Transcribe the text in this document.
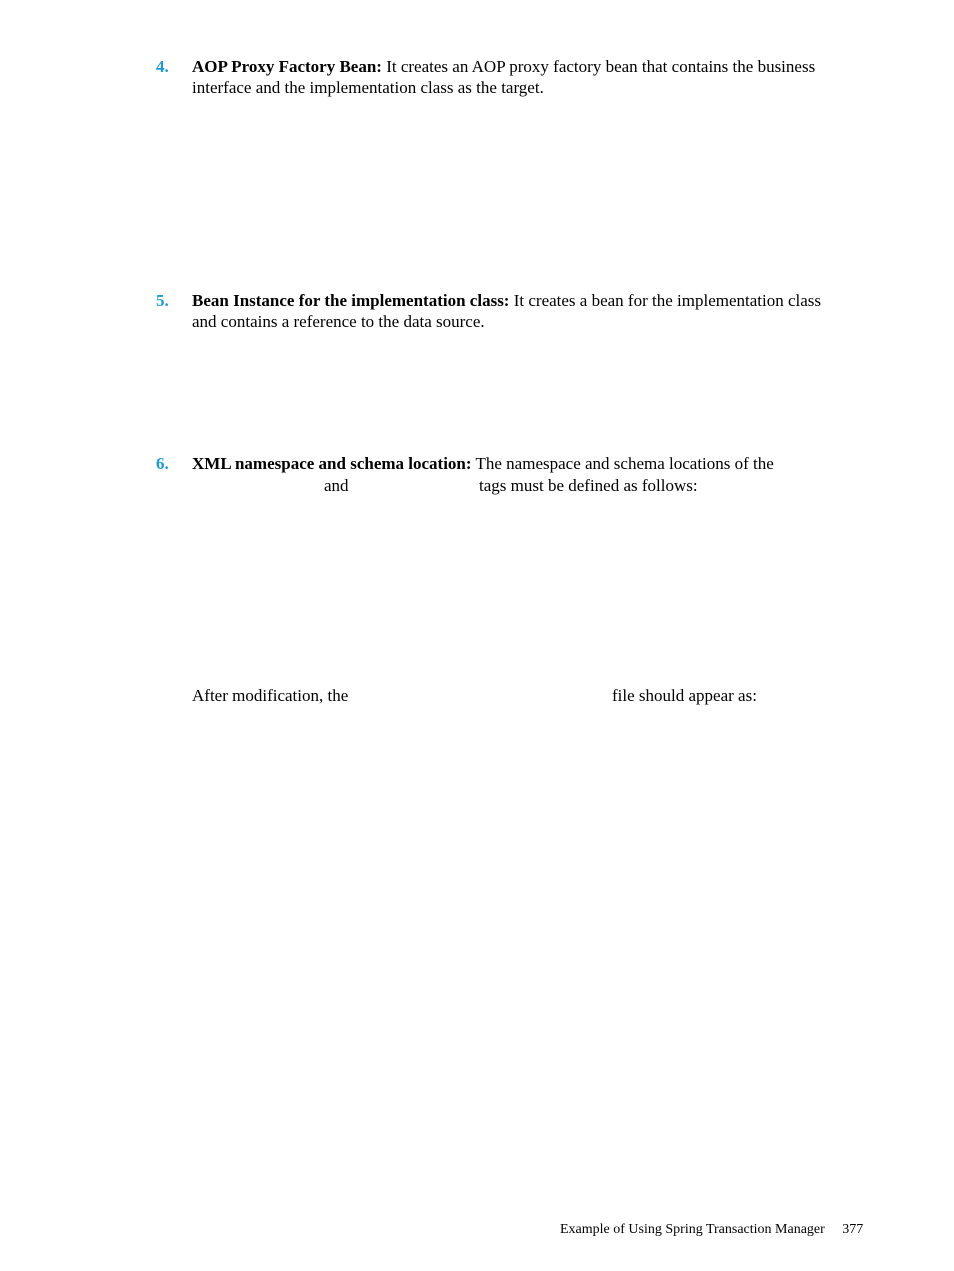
4. AOP Proxy Factory Bean: It creates an AOP proxy factory bean that contains the business
interface and the implementation class as the target.
5. Bean Instance for the implementation class: It creates a bean for the implementation class
and contains a reference to the data source.
6. XML namespace and schema location: The namespace and schema locations of the
and	tags must be defined as follows:
After modification, the	file should appear as:
Example of Using Spring Transaction Manager 377
